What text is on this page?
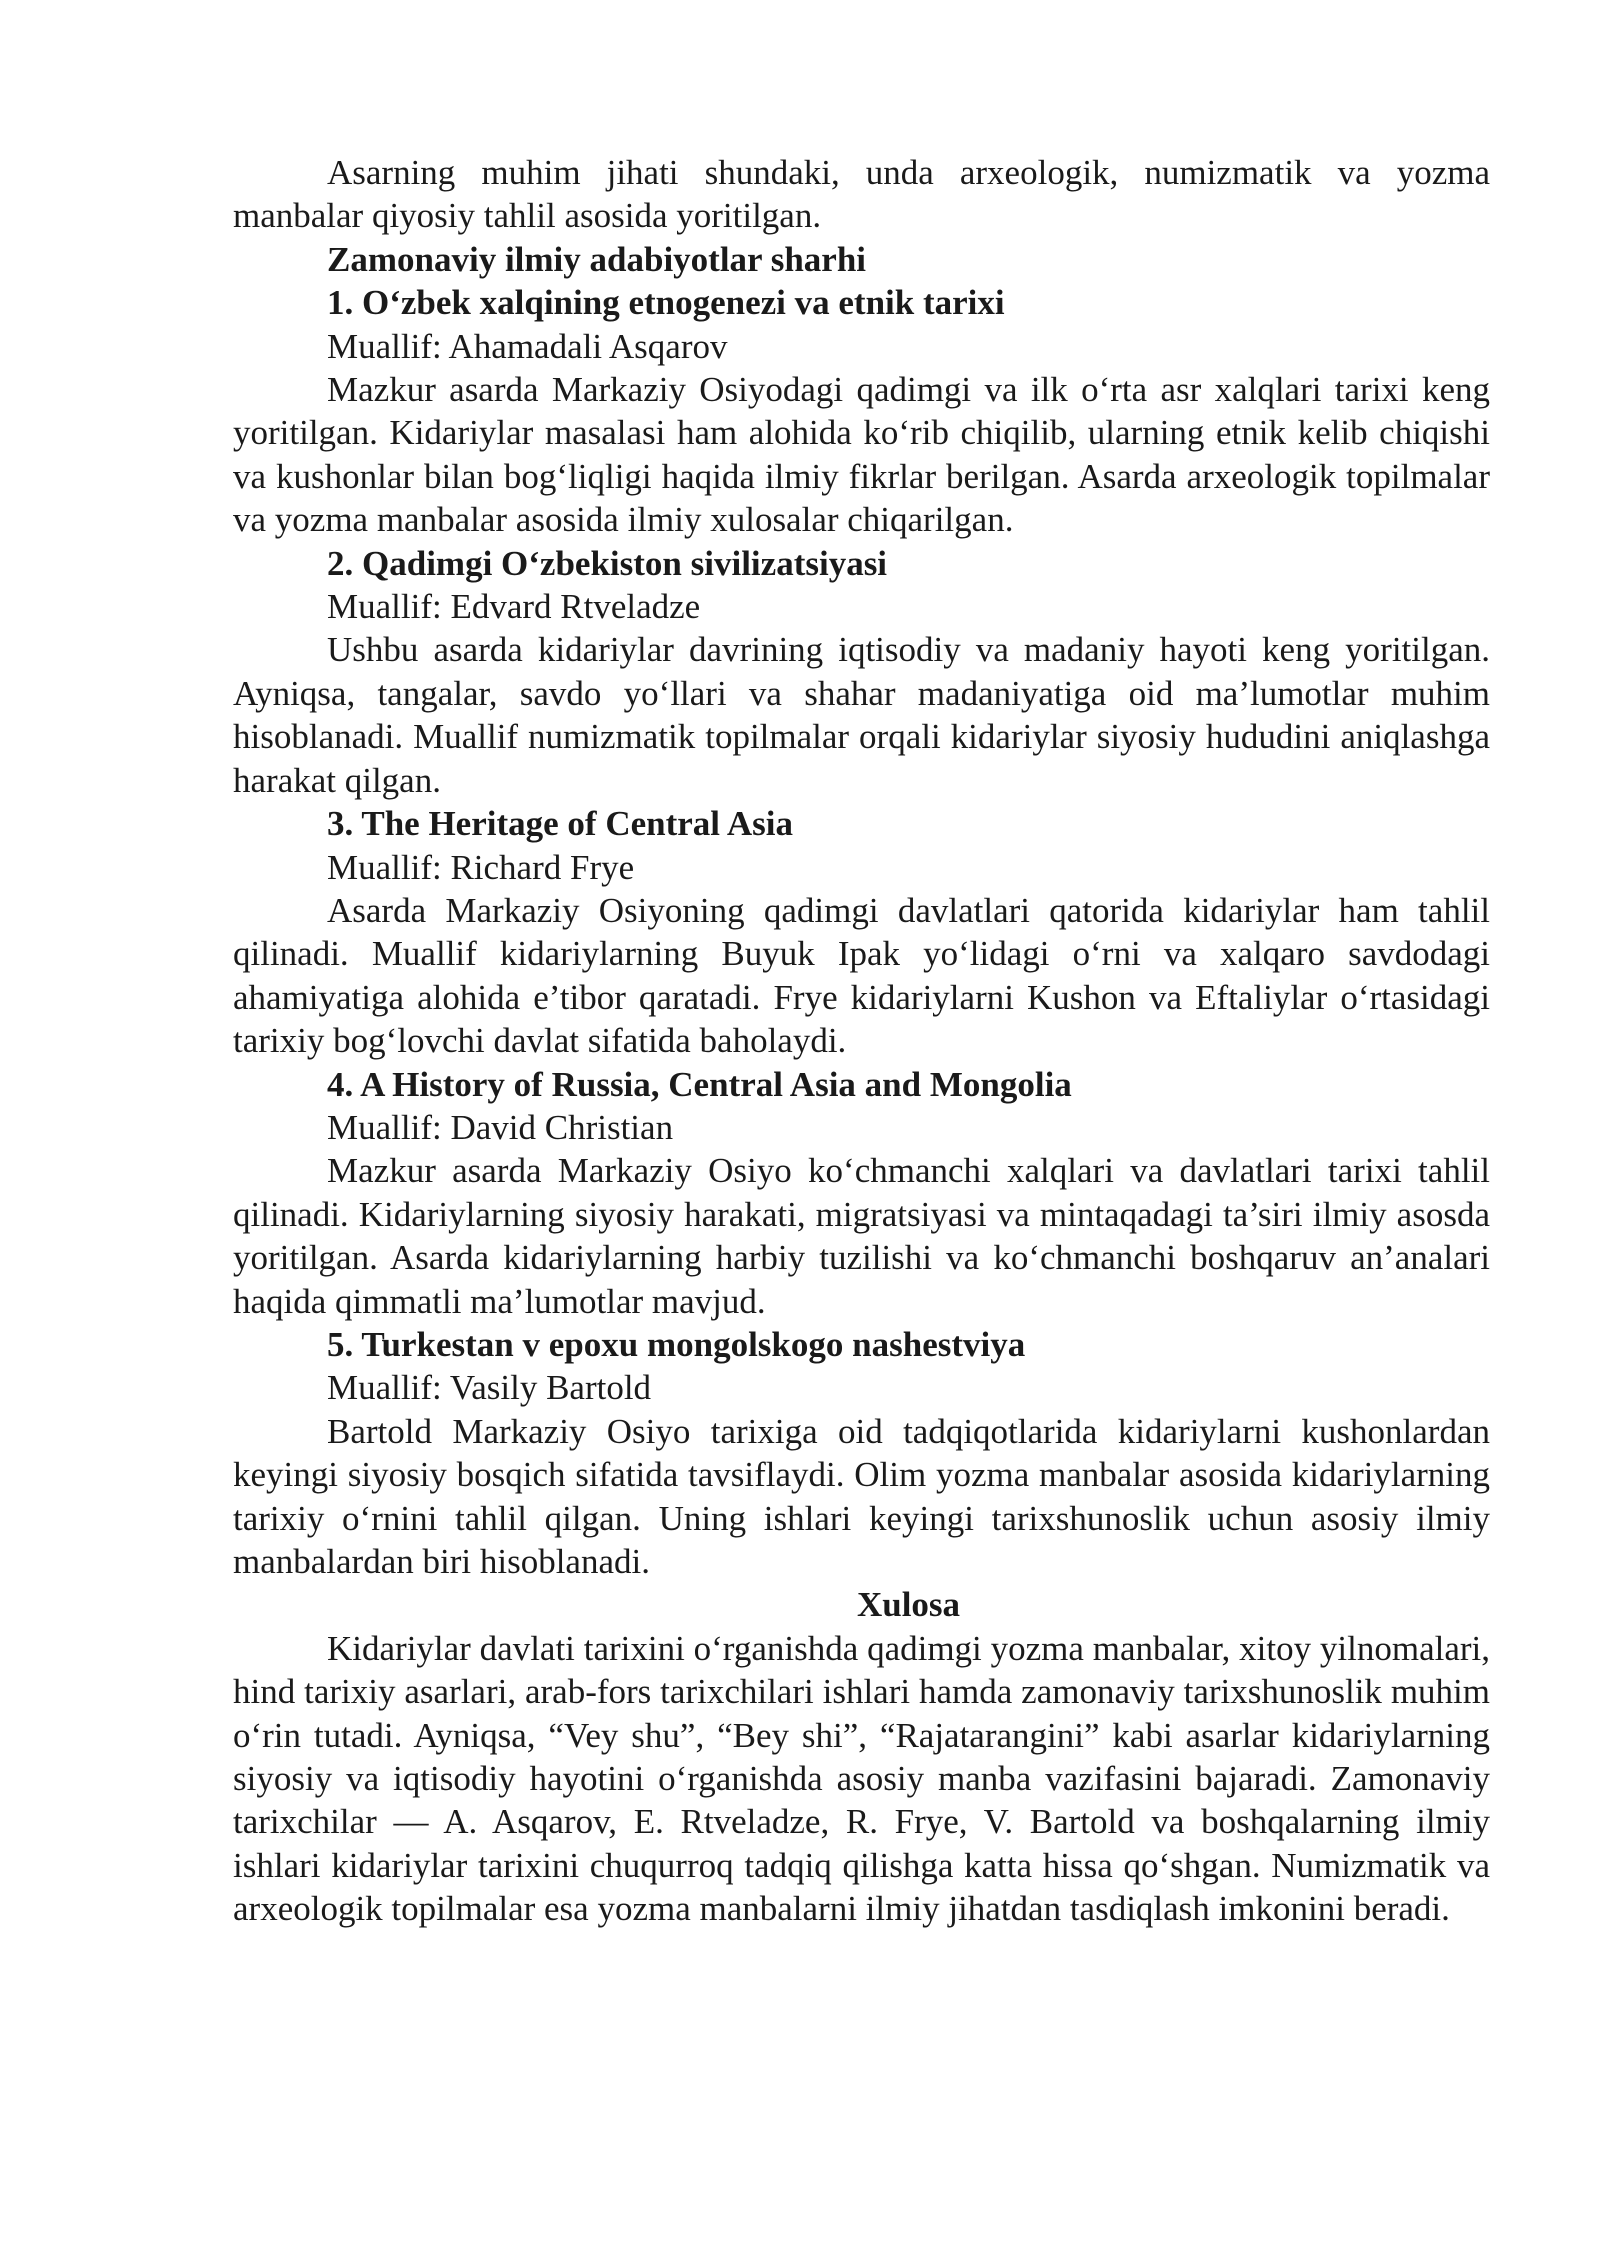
Asarning muhim jihati shundaki, unda arxeologik, numizmatik va yozma manbalar qiyosiy tahlil asosida yoritilgan.

Zamonaviy ilmiy adabiyotlar sharhi

1. O‘zbek xalqining etnogenezi va etnik tarixi

Muallif: Ahamadali Asqarov

Mazkur asarda Markaziy Osiyodagi qadimgi va ilk o‘rta asr xalqlari tarixi keng yoritilgan. Kidariylar masalasi ham alohida ko‘rib chiqilib, ularning etnik kelib chiqishi va kushonlar bilan bog‘liqligi haqida ilmiy fikrlar berilgan. Asarda arxeologik topilmalar va yozma manbalar asosida ilmiy xulosalar chiqarilgan.

2. Qadimgi O‘zbekiston sivilizatsiyasi

Muallif: Edvard Rtveladze

Ushbu asarda kidariylar davrining iqtisodiy va madaniy hayoti keng yoritilgan. Ayniqsa, tangalar, savdo yo‘llari va shahar madaniyatiga oid ma’lumotlar muhim hisoblanadi. Muallif numizmatik topilmalar orqali kidariylar siyosiy hududini aniqlashga harakat qilgan.

3. The Heritage of Central Asia

Muallif: Richard Frye

Asarda Markaziy Osiyoning qadimgi davlatlari qatorida kidariylar ham tahlil qilinadi. Muallif kidariylarning Buyuk Ipak yo‘lidagi o‘rni va xalqaro savdodagi ahamiyatiga alohida e’tibor qaratadi. Frye kidariylarni Kushon va Eftaliylar o‘rtasidagi tarixiy bog‘lovchi davlat sifatida baholaydi.

4. A History of Russia, Central Asia and Mongolia

Muallif: David Christian

Mazkur asarda Markaziy Osiyo ko‘chmanchi xalqlari va davlatlari tarixi tahlil qilinadi. Kidariylarning siyosiy harakati, migratsiyasi va mintaqadagi ta’siri ilmiy asosda yoritilgan. Asarda kidariylarning harbiy tuzilishi va ko‘chmanchi boshqaruv an’analari haqida qimmatli ma’lumotlar mavjud.

5. Turkestan v epoxu mongolskogo nashestviya

Muallif: Vasily Bartold

Bartold Markaziy Osiyo tarixiga oid tadqiqotlarida kidariylarni kushonlardan keyingi siyosiy bosqich sifatida tavsiflaydi. Olim yozma manbalar asosida kidariylarning tarixiy o‘rnini tahlil qilgan. Uning ishlari keyingi tarixshunoslik uchun asosiy ilmiy manbalardan biri hisoblanadi.

Xulosa

Kidariylar davlati tarixini o‘rganishda qadimgi yozma manbalar, xitoy yilnomalari, hind tarixiy asarlari, arab-fors tarixchilari ishlari hamda zamonaviy tarixshunoslik muhim o‘rin tutadi. Ayniqsa, “Vey shu”, “Bey shi”, “Rajatarangini” kabi asarlar kidariylarning siyosiy va iqtisodiy hayotini o‘rganishda asosiy manba vazifasini bajaradi. Zamonaviy tarixchilar — A. Asqarov, E. Rtveladze, R. Frye, V. Bartold va boshqalarning ilmiy ishlari kidariylar tarixini chuqurroq tadqiq qilishga katta hissa qo‘shgan. Numizmatik va arxeologik topilmalar esa yozma manbalarni ilmiy jihatdan tasdiqlash imkonini beradi.
